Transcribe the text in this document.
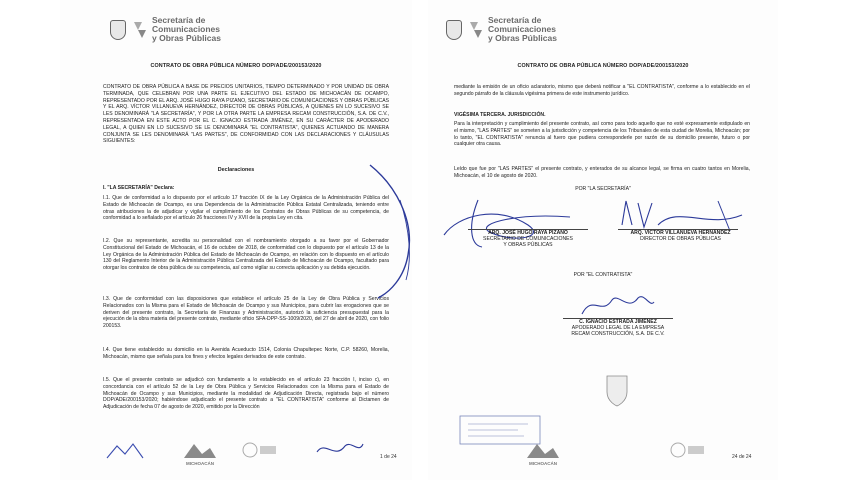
Secretaría de
Comunicaciones
y Obras Públicas
CONTRATO DE OBRA PÚBLICA NÚMERO DOP/ADE/200153/2020
CONTRATO DE OBRA PÚBLICA A BASE DE PRECIOS UNITARIOS, TIEMPO DETERMINADO Y POR UNIDAD DE OBRA TERMINADA, QUE CELEBRAN POR UNA PARTE EL EJECUTIVO DEL ESTADO DE MICHOACÁN DE OCAMPO, REPRESENTADO POR EL ARQ. JOSÉ HUGO RAYA PIZANO, SECRETARIO DE COMUNICACIONES Y OBRAS PÚBLICAS Y EL ARQ. VÍCTOR VILLANUEVA HERNÁNDEZ, DIRECTOR DE OBRAS PÚBLICAS, A QUIENES EN LO SUCESIVO SE LES DENOMINARÁ "LA SECRETARÍA", Y POR LA OTRA PARTE LA EMPRESA RECAM CONSTRUCCIÓN, S.A. DE C.V., REPRESENTADA EN ESTE ACTO POR EL C. IGNACIO ESTRADA JIMÉNEZ, EN SU CARÁCTER DE APODERADO LEGAL, A QUIEN EN LO SUCESIVO SE LE DENOMINARÁ "EL CONTRATISTA", QUIENES ACTUANDO DE MANERA CONJUNTA SE LES DENOMINARÁ "LAS PARTES", DE CONFORMIDAD CON LAS DECLARACIONES Y CLÁUSULAS SIGUIENTES:
Declaraciones
I. "LA SECRETARÍA" Declara:
I.1. Que de conformidad a lo dispuesto por el artículo 17 fracción IX de la Ley Orgánica de la Administración Pública del Estado de Michoacán de Ocampo, es una Dependencia de la Administración Pública Estatal Centralizada, teniendo entre otras atribuciones la de adjudicar y vigilar el cumplimiento de los Contratos de Obras Públicas de su competencia, de conformidad a lo señalado por el artículo 26 fracciones IV y XVII de la propia Ley en cita.
I.2. Que su representante, acredita su personalidad con el nombramiento otorgado a su favor por el Gobernador Constitucional del Estado de Michoacán, el 16 de octubre de 2018, de conformidad con lo dispuesto por el artículo 13 de la Ley Orgánica de la Administración Pública del Estado de Michoacán de Ocampo, en relación con lo dispuesto en el artículo 130 del Reglamento Interior de la Administración Pública Centralizada del Estado de Michoacán de Ocampo, facultado para otorgar los contratos de obra pública de su competencia, así como vigilar su correcta aplicación y su debida ejecución.
I.3. Que de conformidad con las disposiciones que establece el artículo 25 de la Ley de Obra Pública y Servicios Relacionados con la Misma para el Estado de Michoacán de Ocampo y sus Municipios, para cubrir las erogaciones que se deriven del presente contrato, la Secretaría de Finanzas y Administración, autorizó la suficiencia presupuestal para la ejecución de la obra materia del presente contrato, mediante oficio SFA-DPP-SS-1009/2020, del 27 de abril de 2020, con folio 200153.
I.4. Que tiene establecido su domicilio en la Avenida Acueducto 1514, Colonia Chapultepec Norte, C.P. 58260, Morelia, Michoacán, mismo que señala para los fines y efectos legales derivados de este contrato.
I.5. Que el presente contrato se adjudicó con fundamento a lo establecido en el artículo 23 fracción I, inciso c), en concordancia con el artículo 52 de la Ley de Obra Pública y Servicios Relacionados con la Misma para el Estado de Michoacán de Ocampo y sus Municipios, mediante la modalidad de Adjudicación Directa, registrada bajo el número DOP/ADE/200153/2020; habiéndose adjudicado el presente contrato a "EL CONTRATISTA" conforme al Dictamen de Adjudicación de fecha 07 de agosto de 2020, emitido por la Dirección
MICHOACÁN
1 de 24
Secretaría de
Comunicaciones
y Obras Públicas
CONTRATO DE OBRA PÚBLICA NÚMERO DOP/ADE/200153/2020
mediante la emisión de un oficio aclaratorio, mismo que deberá notificar a "EL CONTRATISTA", conforme a lo establecido en el segundo párrafo de la cláusula vigésima primera de este instrumento jurídico.
VIGÉSIMA TERCERA. JURISDICCIÓN.
Para la interpretación y cumplimiento del presente contrato, así como para todo aquello que no esté expresamente estipulado en el mismo, "LAS PARTES" se someten a la jurisdicción y competencia de los Tribunales de esta ciudad de Morelia, Michoacán; por lo tanto, "EL CONTRATISTA" renuncia al fuero que pudiera corresponderle por razón de su domicilio presente, futuro o por cualquier otra causa.
Leído que fue por "LAS PARTES" el presente contrato, y enterados de su alcance legal, se firma en cuatro tantos en Morelia, Michoacán, el 10 de agosto de 2020.
POR "LA SECRETARÍA"
ARQ. JOSÉ HUGO RAYA PIZANO
SECRETARIO DE COMUNICACIONES
Y OBRAS PÚBLICAS
ARQ. VÍCTOR VILLANUEVA HERNÁNDEZ
DIRECTOR DE OBRAS PÚBLICAS
POR "EL CONTRATISTA"
C. IGNACIO ESTRADA JIMÉNEZ
APODERADO LEGAL DE LA EMPRESA
RECAM CONSTRUCCIÓN, S.A. DE C.V.
MICHOACÁN
24 de 24
